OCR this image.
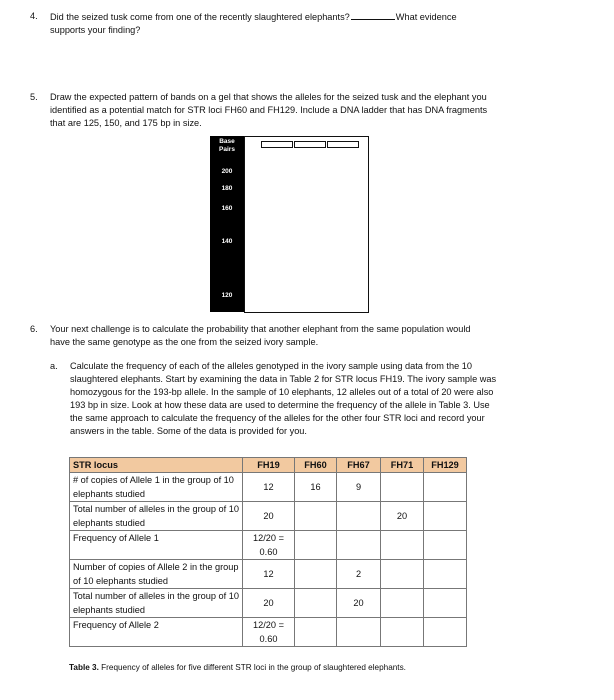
4. Did the seized tusk come from one of the recently slaughtered elephants?	What evidence
supports your finding?
5. Draw the expected pattern of bands on a gel that shows the alleles for the seized tusk and the elephant you
identified as a potential match for STR loci FH60 and FH129. Include a DNA ladder that has DNA fragments
that are 125, 150, and 175 bp in size.
Base
Pairs
200
180
160
140
120
6. Your next challenge is to calculate the probability that another elephant from the same population would
have the same genotype as the one from the seized ivory sample.
a. Calculate the frequency of each of the alleles genotyped in the ivory sample using data from the 10
slaughtered elephants. Start by examining the data in Table 2 for STR locus FH19. The ivory sample was
homozygous for the 193-bp allele. In the sample of 10 elephants, 12 alleles out of a total of 20 were also
193 bp in size. Look at how these data are used to determine the frequency of the allele in Table 3. Use
the same approach to calculate the frequency of the alleles for the other four STR loci and record your
answers in the table. Some of the data is provided for you.
STR locus	FH19	FH60	FH67	FH71	FH129
# of copies of Allele 1 in the group of 10 elephants studied	12	16	9		
Total number of alleles in the group of 10 elephants studied	20			20	
Frequency of Allele 1	12/20 = 0.60				
Number of copies of Allele 2 in the group of 10 elephants studied	12		2		
Total number of alleles in the group of 10 elephants studied	20		20		
Frequency of Allele 2	12/20 = 0.60				
Table 3. Frequency of alleles for five different STR loci in the group of slaughtered elephants.
